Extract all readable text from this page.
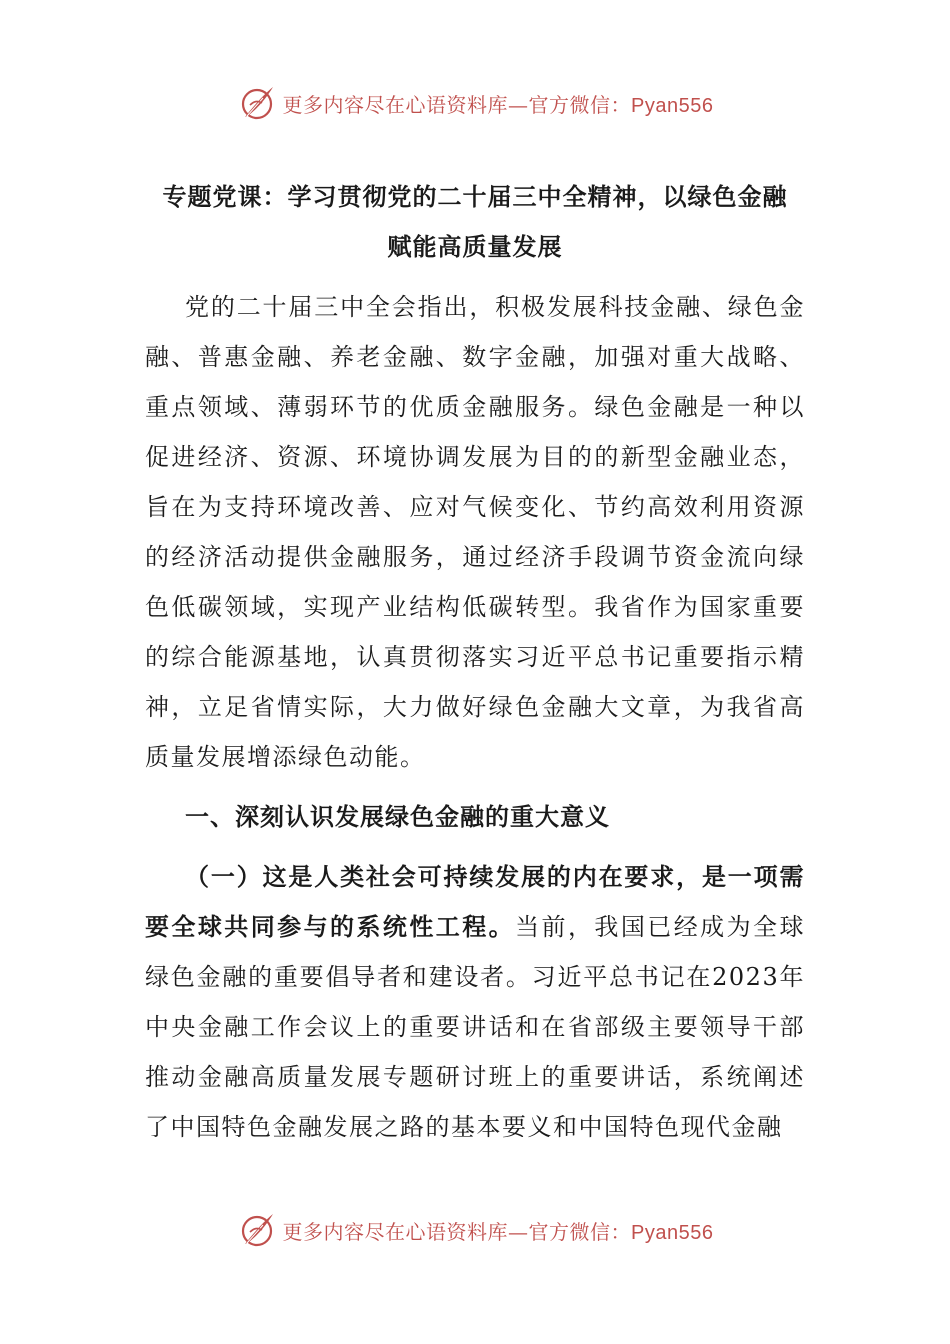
更多内容尽在心语资料库—官方微信：Pyan556
专题党课：学习贯彻党的二十届三中全精神，以绿色金融
赋能高质量发展

党的二十届三中全会指出，积极发展科技金融、绿色金融、普惠金融、养老金融、数字金融，加强对重大战略、重点领域、薄弱环节的优质金融服务。绿色金融是一种以促进经济、资源、环境协调发展为目的的新型金融业态，旨在为支持环境改善、应对气候变化、节约高效利用资源的经济活动提供金融服务，通过经济手段调节资金流向绿色低碳领域，实现产业结构低碳转型。我省作为国家重要的综合能源基地，认真贯彻落实习近平总书记重要指示精神，立足省情实际，大力做好绿色金融大文章，为我省高质量发展增添绿色动能。

一、深刻认识发展绿色金融的重大意义

（一）这是人类社会可持续发展的内在要求，是一项需要全球共同参与的系统性工程。当前，我国已经成为全球绿色金融的重要倡导者和建设者。习近平总书记在2023年中央金融工作会议上的重要讲话和在省部级主要领导干部推动金融高质量发展专题研讨班上的重要讲话，系统阐述了中国特色金融发展之路的基本要义和中国特色现代金融

更多内容尽在心语资料库—官方微信：Pyan556
